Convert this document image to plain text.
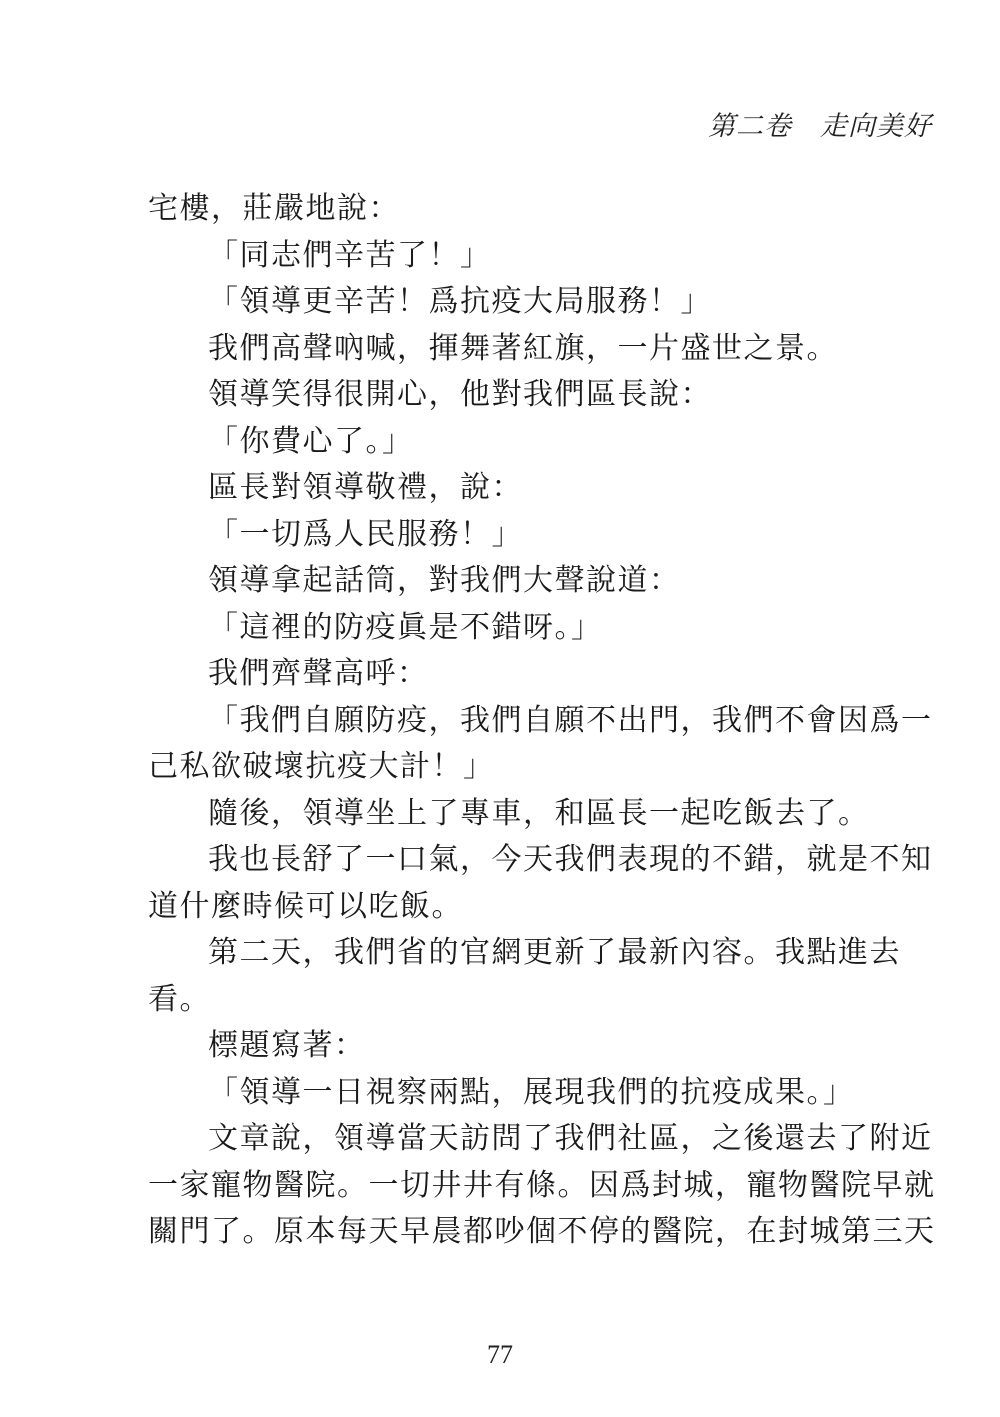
第二卷　走向美好

宅樓，莊嚴地說：

「同志們辛苦了！」

「領導更辛苦！爲抗疫大局服務！」

我們高聲吶喊，揮舞著紅旗，一片盛世之景。

領導笑得很開心，他對我們區長說：

「你費心了。」

區長對領導敬禮，說：

「一切爲人民服務！」

領導拿起話筒，對我們大聲說道：

「這裡的防疫眞是不錯呀。」

我們齊聲高呼：

「我們自願防疫，我們自願不出門，我們不會因爲一

己私欲破壞抗疫大計！」

隨後，領導坐上了專車，和區長一起吃飯去了。

我也長舒了一口氣，今天我們表現的不錯，就是不知

道什麼時候可以吃飯。

第二天，我們省的官網更新了最新內容。我點進去

看。

標題寫著：

「領導一日視察兩點，展現我們的抗疫成果。」

文章說，領導當天訪問了我們社區，之後還去了附近

一家寵物醫院。一切井井有條。因爲封城，寵物醫院早就

關門了。原本每天早晨都吵個不停的醫院，在封城第三天

77
